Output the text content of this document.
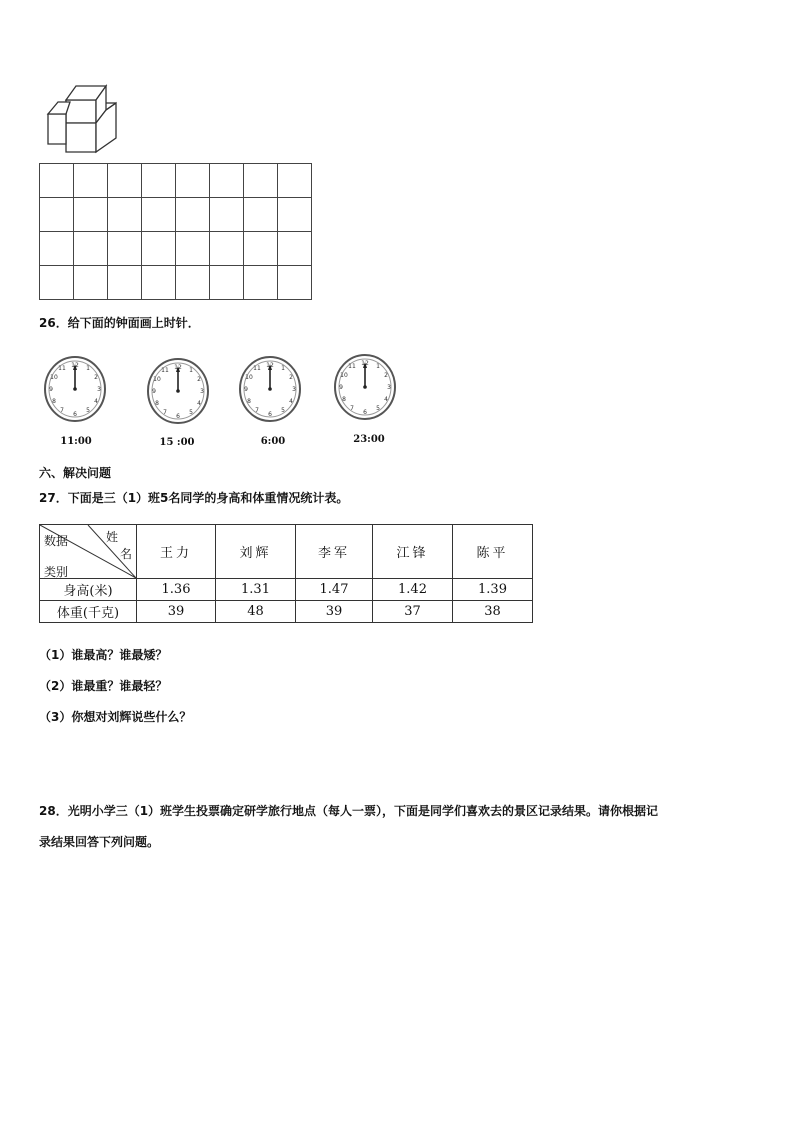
26．给下面的钟面画上时针．
11:00	15 :00	6:00	23:00
六、解决问题
27．下面是三（1）班5名同学的身高和体重情况统计表。
姓
名
数据
类别	王力	刘辉	李军	江锋	陈平
身高(米)	1.36	1.31	1.47	1.42	1.39
体重(千克)	39	48	39	37	38
（1）谁最高？谁最矮？
（2）谁最重？谁最轻？
（3）你想对刘辉说些什么？
28．光明小学三（1）班学生投票确定研学旅行地点（每人一票），下面是同学们喜欢去的景区记录结果。请你根据记
录结果回答下列问题。
